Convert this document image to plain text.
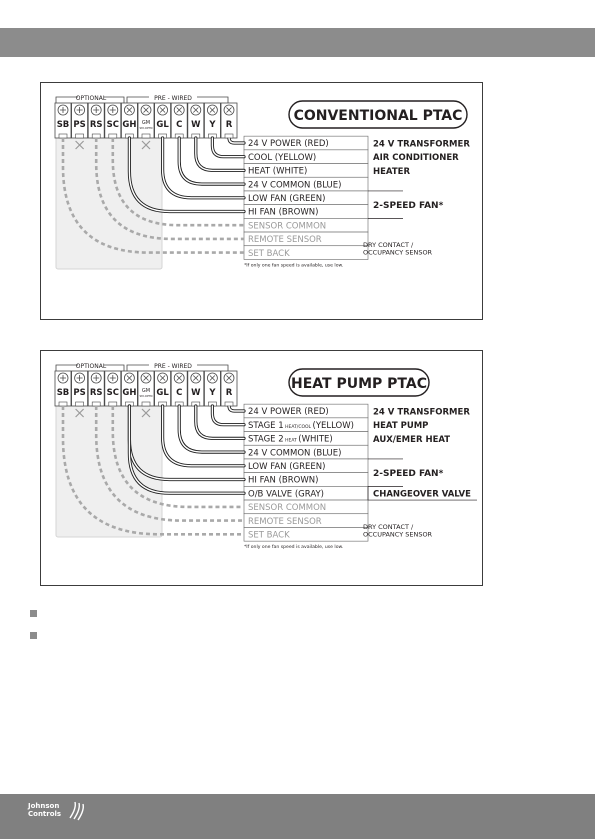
OPTIONAL	PRE - WIRED
SB PS RS SC GH GM
SM-OPTN GL C W Y R
24 V POWER (RED)
COOL (YELLOW)
HEAT (WHITE)
24 V COMMON (BLUE)
LOW FAN (GREEN)
HI FAN (BROWN)
SENSOR COMMON
REMOTE SENSOR
SET BACK
CONVENTIONAL PTAC
24 V TRANSFORMER
AIR CONDITIONER
HEATER
2-SPEED FAN*
DRY CONTACT /
OCCUPANCY SENSOR
*If only one fan speed is available, use low.
OPTIONAL	PRE - WIRED
SB PS RS SC GH GM
SM-OPTN GL C W Y R
24 V POWER (RED)
STAGE 1 HEAT/COOL (YELLOW)
STAGE 2 HEAT (WHITE)
24 V COMMON (BLUE)
LOW FAN (GREEN)
HI FAN (BROWN)
O/B VALVE (GRAY)
SENSOR COMMON
REMOTE SENSOR
SET BACK
HEAT PUMP PTAC
24 V TRANSFORMER
HEAT PUMP
AUX/EMER HEAT
2-SPEED FAN*
CHANGEOVER VALVE
DRY CONTACT /
OCCUPANCY SENSOR
*If only one fan speed is available, use low.
Johnson
Controls
